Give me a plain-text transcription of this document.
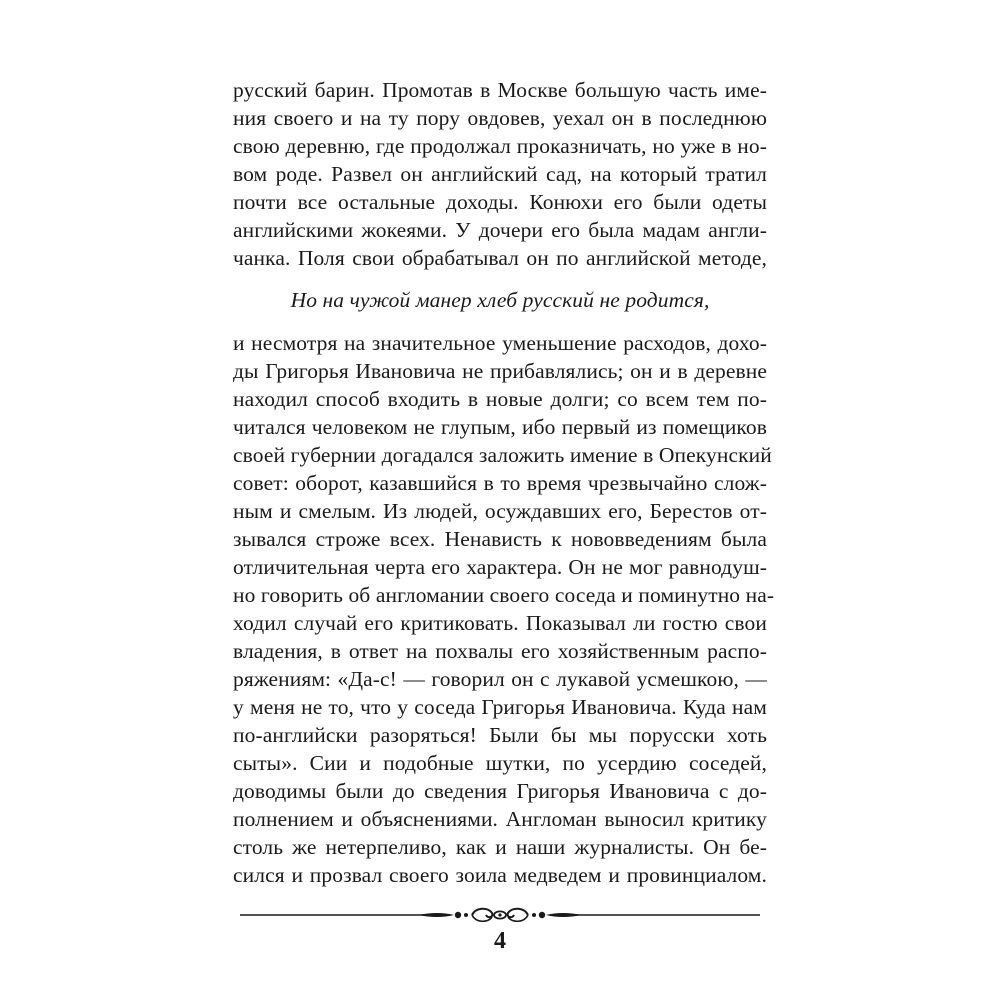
русский барин. Промотав в Москве большую часть име-
ния своего и на ту пору овдовев, уехал он в последнюю
свою деревню, где продолжал проказничать, но уже в но-
вом роде. Развел он английский сад, на который тратил
почти все остальные доходы. Конюхи его были одеты
английскими жокеями. У дочери его была мадам англи-
чанка. Поля свои обрабатывал он по английской методе,
Но на чужой манер хлеб русский не родится,
и несмотря на значительное уменьшение расходов, дохо-
ды Григорья Ивановича не прибавлялись; он и в деревне
находил способ входить в новые долги; со всем тем по-
читался человеком не глупым, ибо первый из помещиков
своей губернии догадался заложить имение в Опекунский
совет: оборот, казавшийся в то время чрезвычайно слож-
ным и смелым. Из людей, осуждавших его, Берестов от-
зывался строже всех. Ненависть к нововведениям была
отличительная черта его характера. Он не мог равнодуш-
но говорить об англомании своего соседа и поминутно на-
ходил случай его критиковать. Показывал ли гостю свои
владения, в ответ на похвалы его хозяйственным распо-
ряжениям: «Да-с! — говорил он с лукавой усмешкою, —
у меня не то, что у соседа Григорья Ивановича. Куда нам
по-английски разоряться! Были бы мы порусски хоть
сыты». Сии и подобные шутки, по усердию соседей,
доводимы были до сведения Григорья Ивановича с до-
полнением и объяснениями. Англоман выносил критику
столь же нетерпеливо, как и наши журналисты. Он бе-
сился и прозвал своего зоила медведем и провинциалом.
4
